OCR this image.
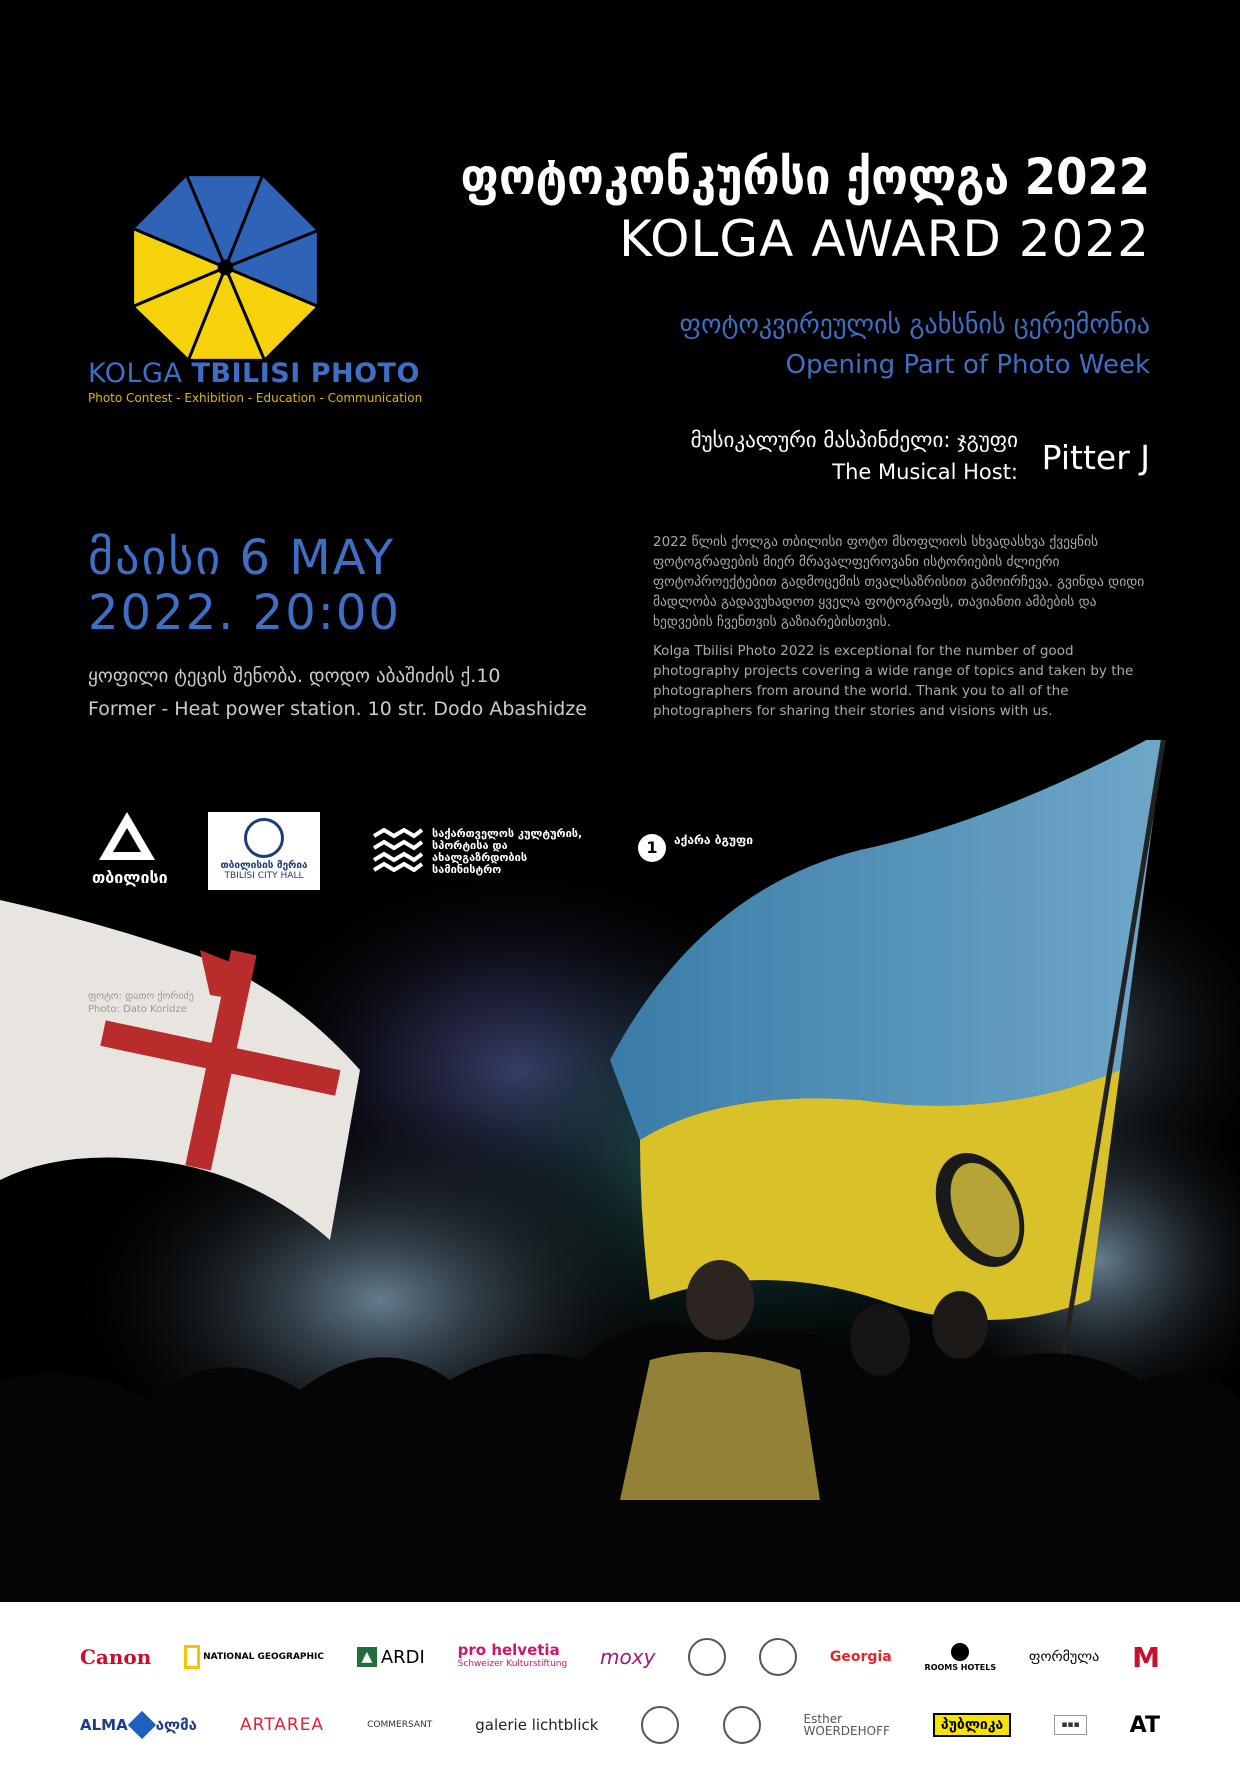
KOLGA TBILISI PHOTO
Photo Contest - Exhibition - Education - Communication
ფოტოკონკურსი ქოლგა 2022
KOLGA AWARD 2022
ფოტოკვირეულის გახსნის ცერემონია
Opening Part of Photo Week
მუსიკალური მასპინძელი: ჯგუფი
The Musical Host: Pitter J
მაისი 6 MAY
2022. 20:00
ყოფილი ტეცის შენობა. დოდო აბაშიძის ქ.10
Former - Heat power station. 10 str. Dodo Abashidze

2022 წლის ქოლგა თბილისი ფოტო მსოფლიოს სხვადასხვა ქვეყნის ფოტოგრაფების მიერ მრავალფეროვანი ისტორიების ძლიერი ფოტოპროექტებით გადმოცემის თვალსაზრისით გამოირჩევა. გვინდა დიდი მადლობა გადავუხადოთ ყველა ფოტოგრაფს, თავიანთი ამბების და ხედვების ჩვენთვის გაზიარებისთვის.

Kolga Tbilisi Photo 2022 is exceptional for the number of good photography projects covering a wide range of topics and taken by the photographers from around the world. Thank you to all of the photographers for sharing their stories and visions with us.

თბილისი
თბილისის მერია
TBILISI CITY HALL
საქართველოს კულტურის, სპორტისა და ახალგაზრდობის სამინისტრო
1	აქარა ბგუფი
ფოტო: დათო ქორიძე
Photo: Dato Koridze
Canon	NATIONAL GEOGRAPHIC	▲ ARDI pro helvetia
Schweizer Kulturstiftung moxy	Georgia
ROOMS HOTELS
ფორმულა M
ALMA ალმა	ARTAREA	COMMERSANT	galerie lichtblick	Esther
WOERDEHOFF	პუბლიკა	▪▪▪	AT
